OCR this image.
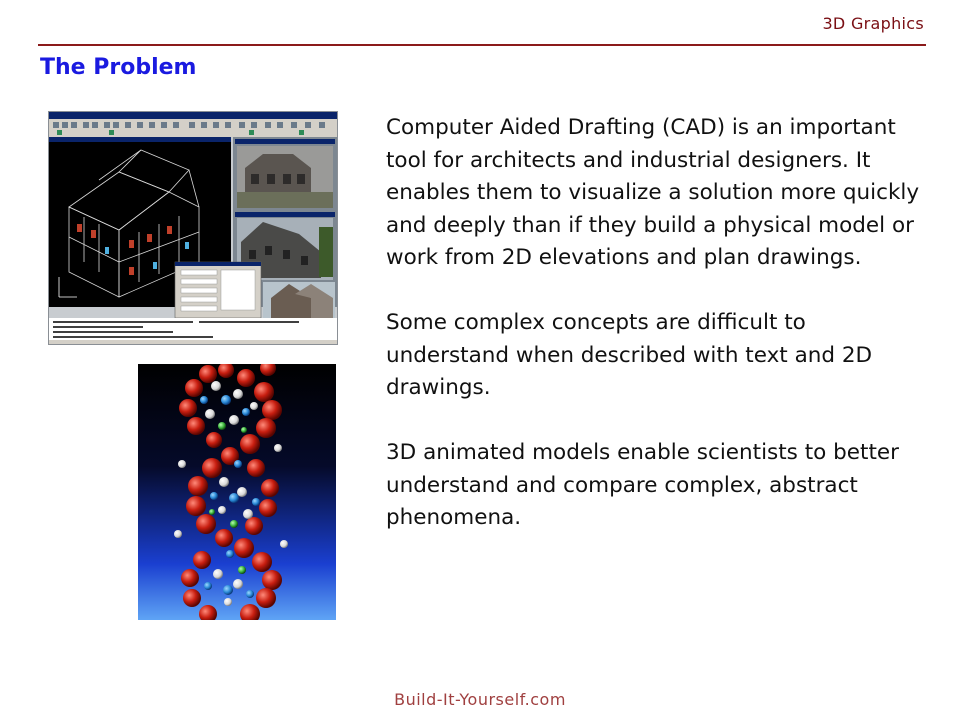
3D Graphics
The Problem

Computer Aided Drafting (CAD) is an important tool for architects and industrial designers. It enables them to visualize a solution more quickly and deeply than if they build a physical model or work from 2D elevations and plan drawings.

Some complex concepts are difficult to understand when described with text and 2D drawings.

3D animated models enable scientists to better understand and compare complex, abstract phenomena.

Build-It-Yourself.com
